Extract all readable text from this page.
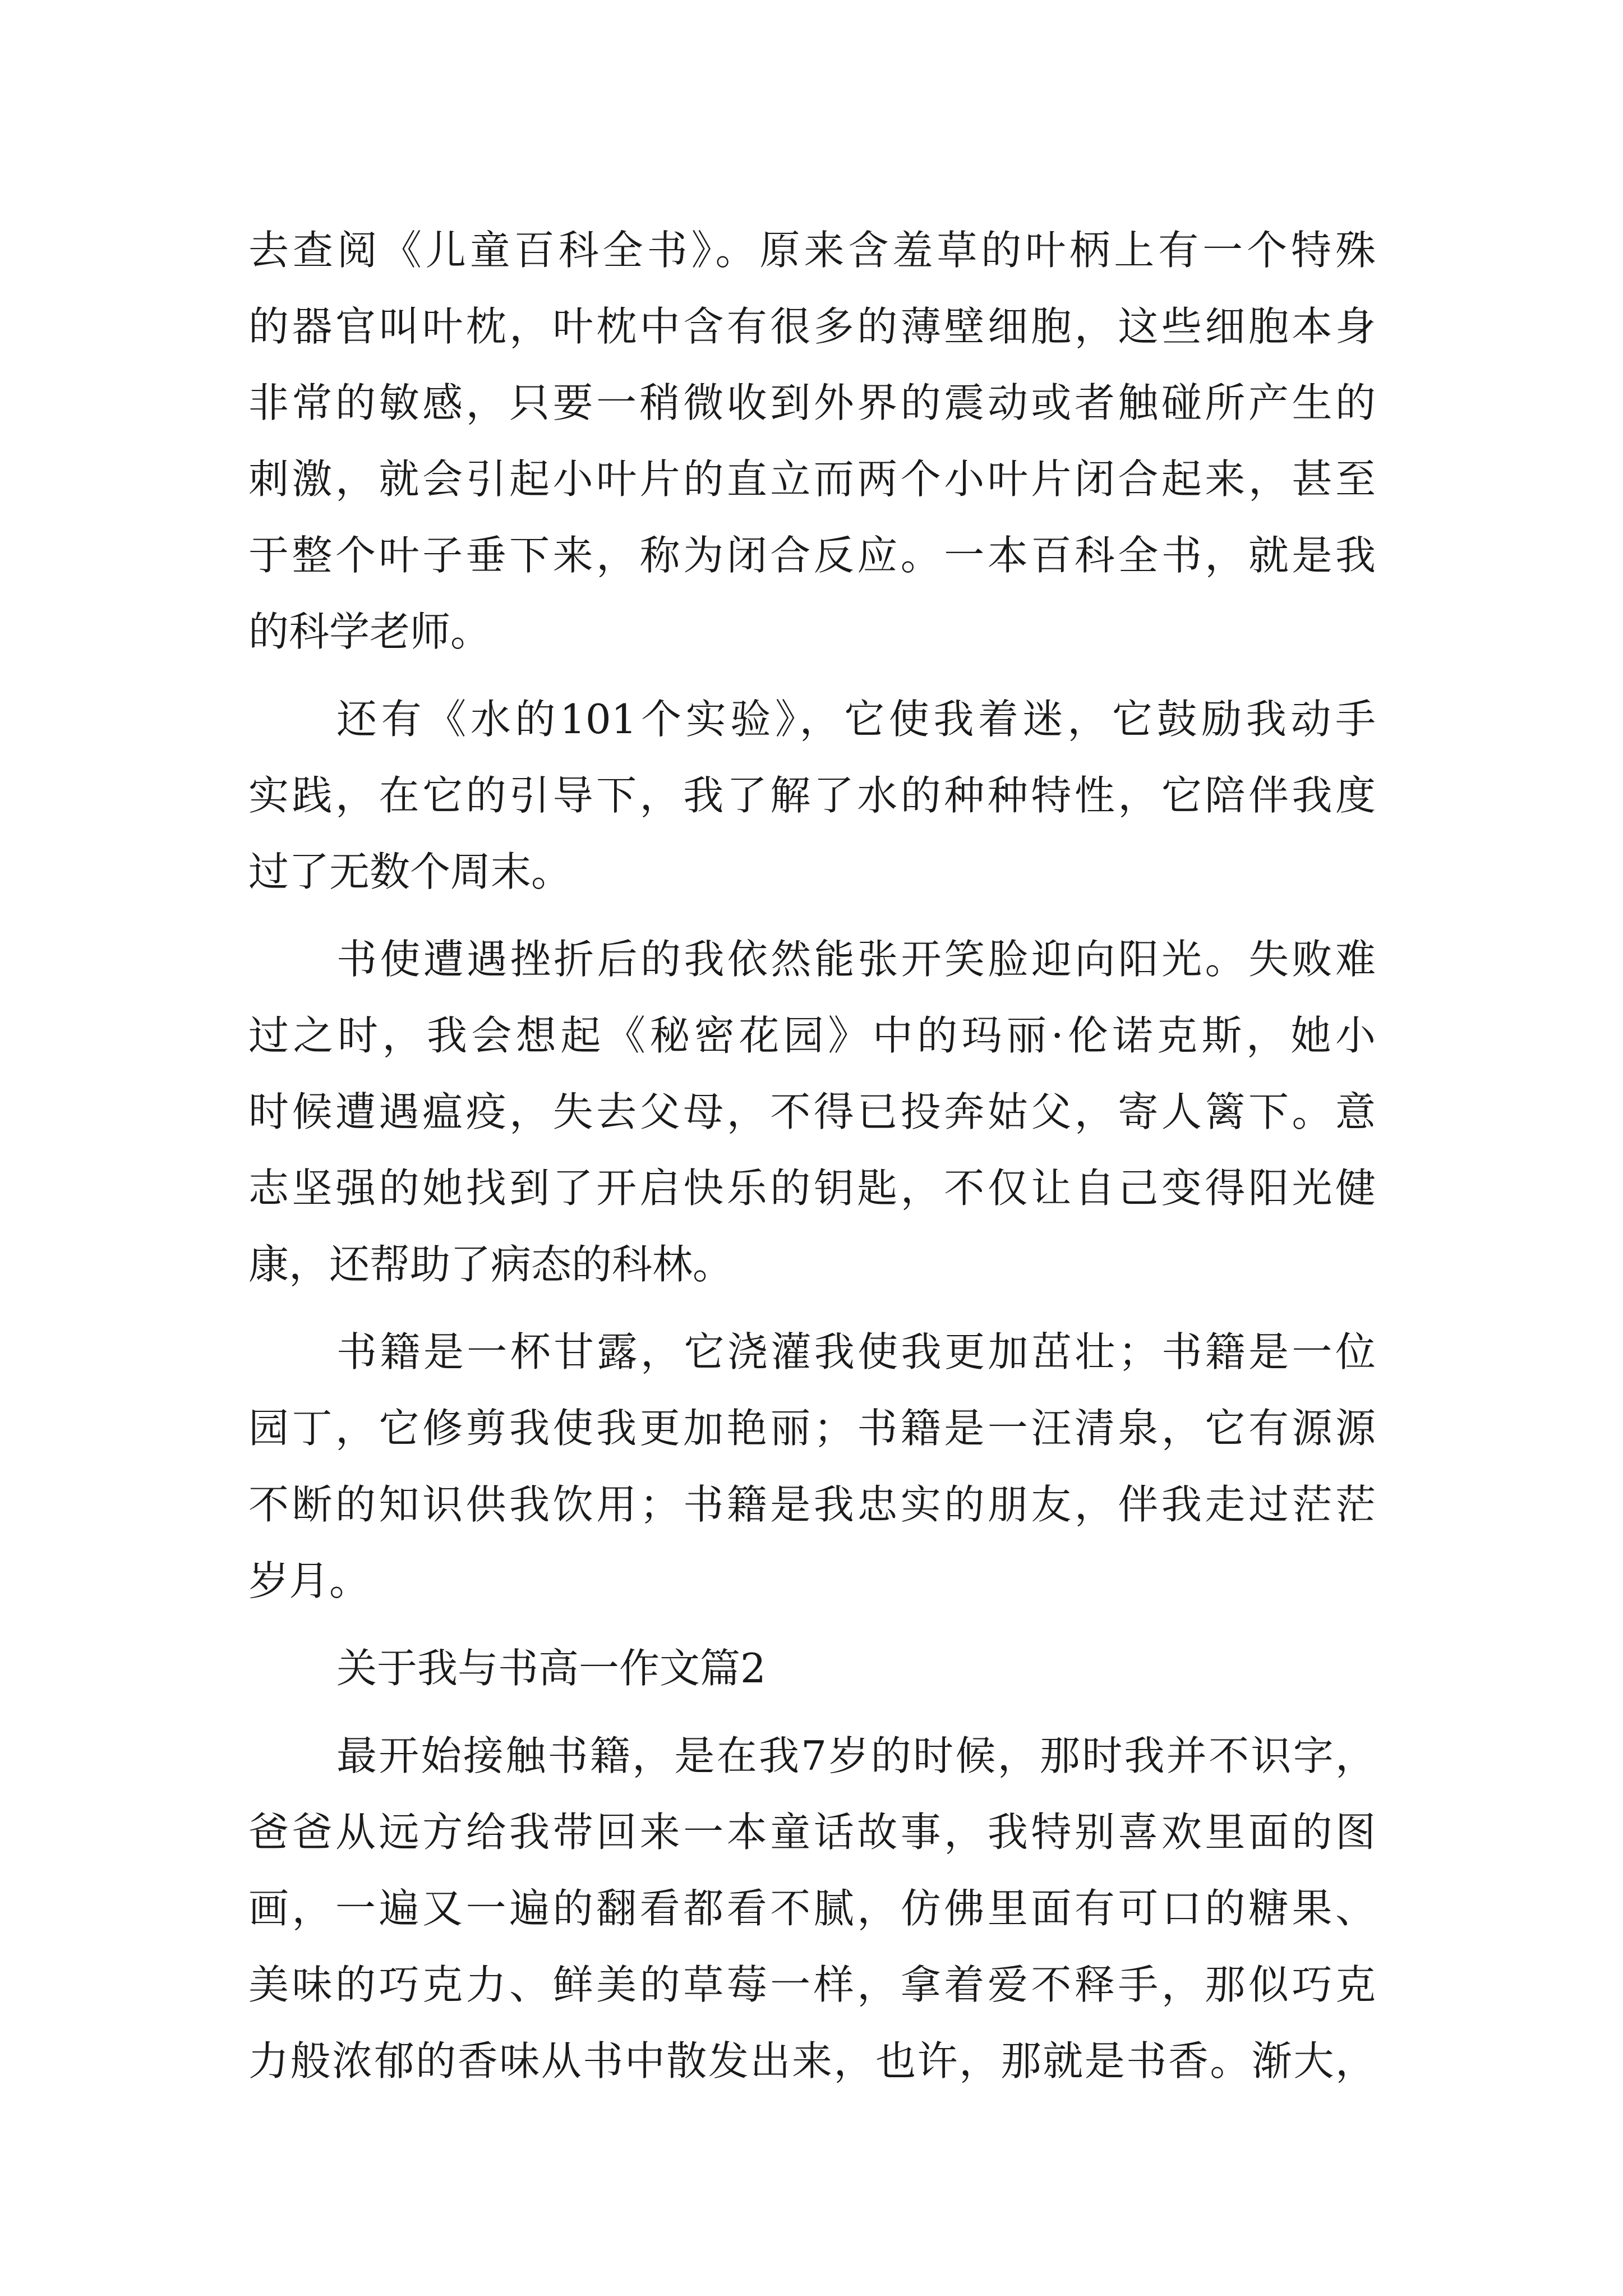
去查阅《儿童百科全书》。原来含羞草的叶柄上有一个特殊
的器官叫叶枕，叶枕中含有很多的薄壁细胞，这些细胞本身
非常的敏感，只要一稍微收到外界的震动或者触碰所产生的
刺激，就会引起小叶片的直立而两个小叶片闭合起来，甚至
于整个叶子垂下来，称为闭合反应。一本百科全书，就是我
的科学老师。
还有《水的101个实验》，它使我着迷，它鼓励我动手
实践，在它的引导下，我了解了水的种种特性，它陪伴我度
过了无数个周末。
书使遭遇挫折后的我依然能张开笑脸迎向阳光。失败难
过之时，我会想起《秘密花园》中的玛丽·伦诺克斯，她小
时候遭遇瘟疫，失去父母，不得已投奔姑父，寄人篱下。意
志坚强的她找到了开启快乐的钥匙，不仅让自己变得阳光健
康，还帮助了病态的科林。
书籍是一杯甘露，它浇灌我使我更加茁壮；书籍是一位
园丁，它修剪我使我更加艳丽；书籍是一汪清泉，它有源源
不断的知识供我饮用；书籍是我忠实的朋友，伴我走过茫茫
岁月。
关于我与书高一作文篇2
最开始接触书籍，是在我7岁的时候，那时我并不识字，
爸爸从远方给我带回来一本童话故事，我特别喜欢里面的图
画，一遍又一遍的翻看都看不腻，仿佛里面有可口的糖果、
美味的巧克力、鲜美的草莓一样，拿着爱不释手，那似巧克
力般浓郁的香味从书中散发出来，也许，那就是书香。渐大，
